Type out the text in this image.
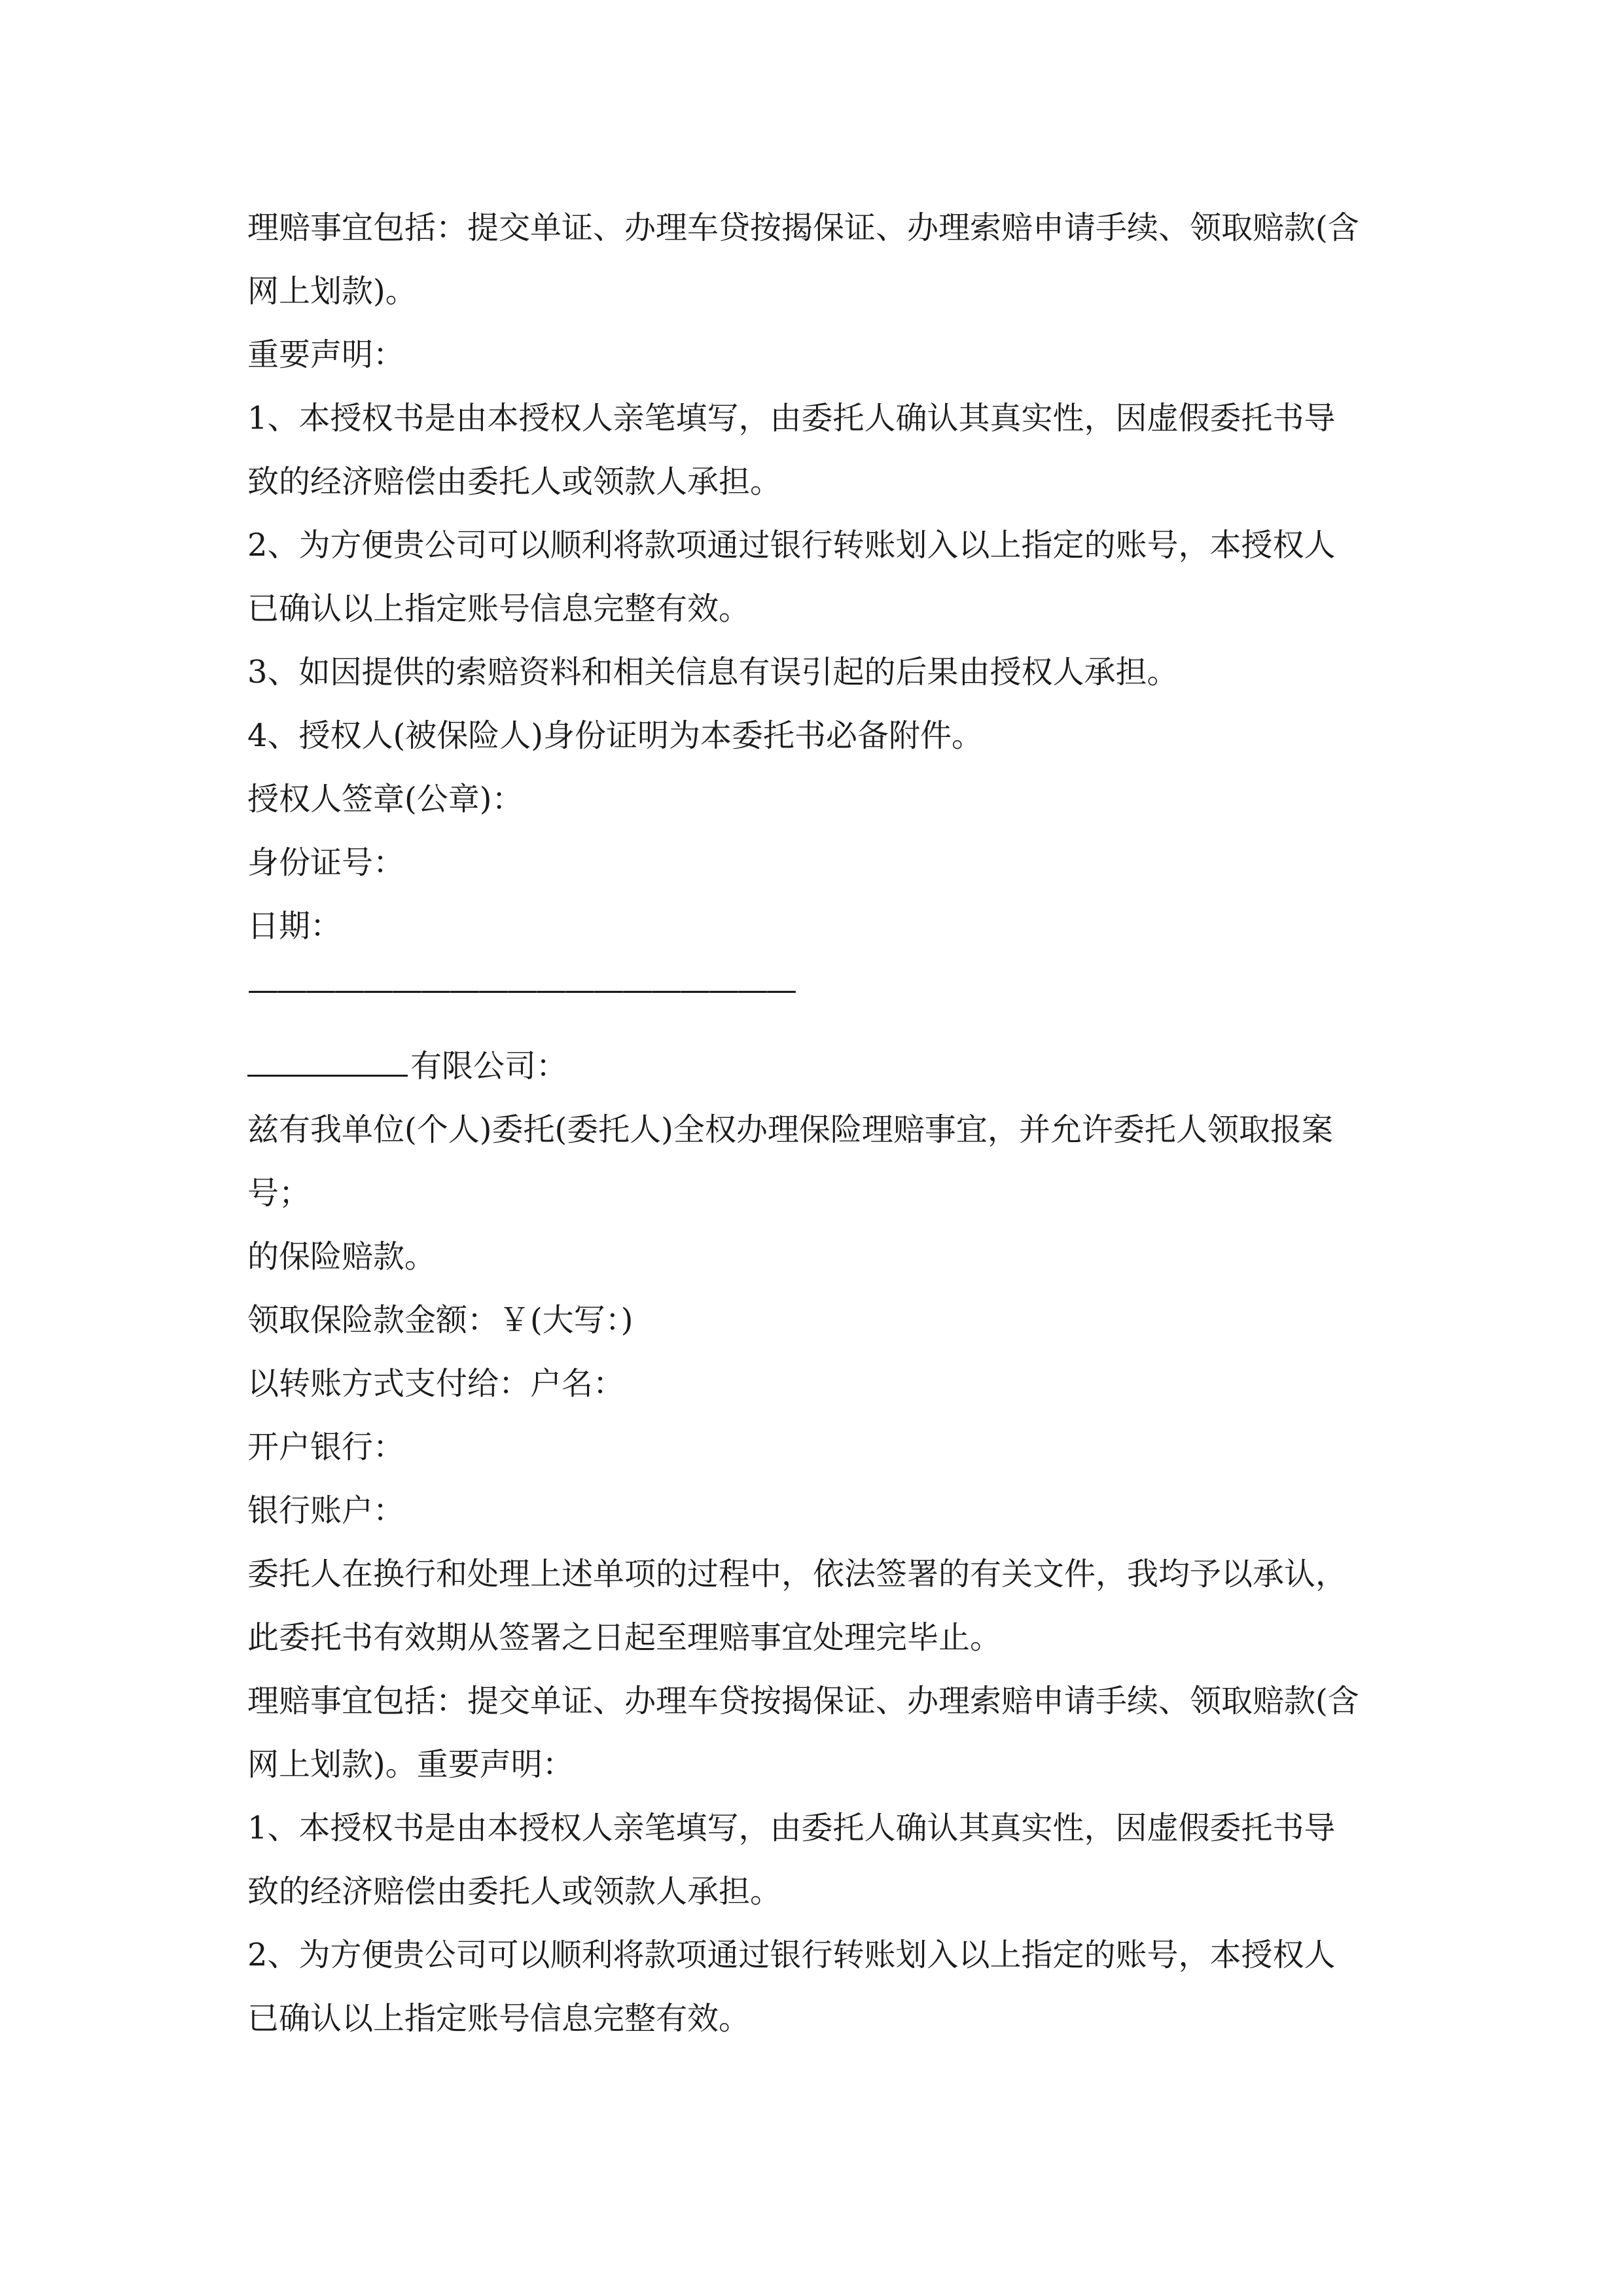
理赔事宜包括：提交单证、办理车贷按揭保证、办理索赔申请手续、领取赔款(含
网上划款)。
重要声明：
1、本授权书是由本授权人亲笔填写，由委托人确认其真实性，因虚假委托书导
致的经济赔偿由委托人或领款人承担。
2、为方便贵公司可以顺利将款项通过银行转账划入以上指定的账号，本授权人
已确认以上指定账号信息完整有效。
3、如因提供的索赔资料和相关信息有误引起的后果由授权人承担。
4、授权人(被保险人)身份证明为本委托书必备附件。
授权人签章(公章)：
身份证号：
日期：
———————————————————
有限公司：
兹有我单位(个人)委托(委托人)全权办理保险理赔事宜，并允许委托人领取报案
号；
的保险赔款。
领取保险款金额：￥(大写：)
以转账方式支付给：户名：
开户银行：
银行账户：
委托人在换行和处理上述单项的过程中，依法签署的有关文件，我均予以承认，
此委托书有效期从签署之日起至理赔事宜处理完毕止。
理赔事宜包括：提交单证、办理车贷按揭保证、办理索赔申请手续、领取赔款(含
网上划款)。重要声明：
1、本授权书是由本授权人亲笔填写，由委托人确认其真实性，因虚假委托书导
致的经济赔偿由委托人或领款人承担。
2、为方便贵公司可以顺利将款项通过银行转账划入以上指定的账号，本授权人
已确认以上指定账号信息完整有效。
